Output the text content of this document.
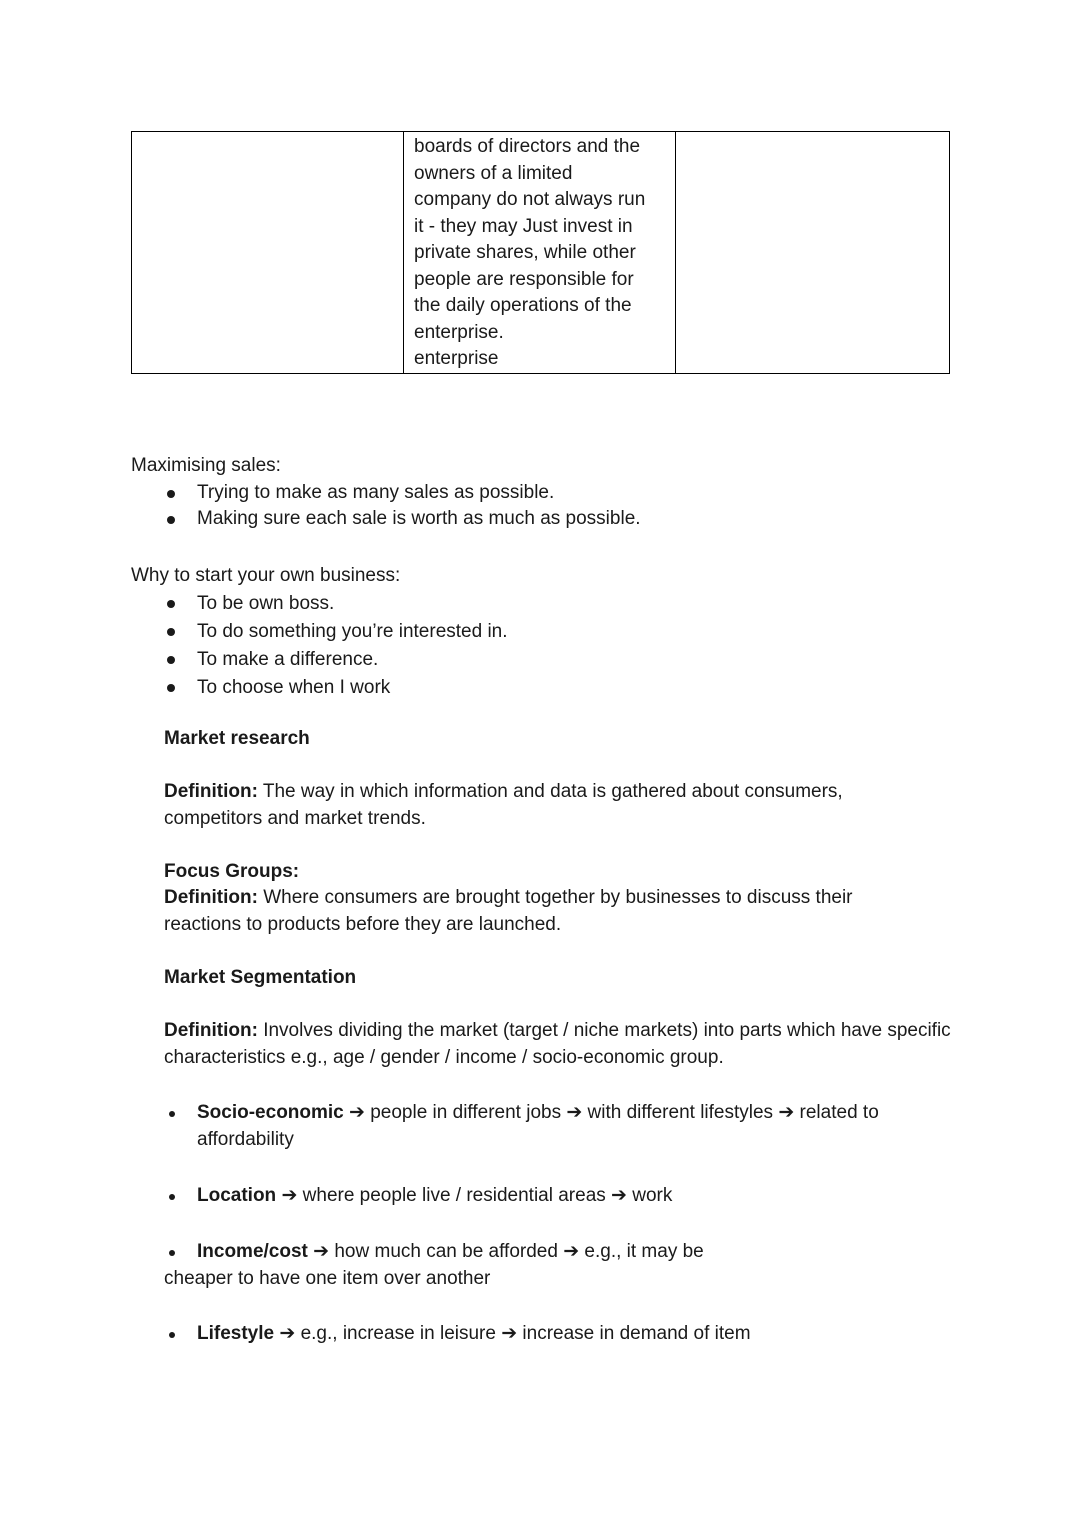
boards of directors and the
owners of a limited
company do not always run
it - they may Just invest in
private shares, while other
people are responsible for
the daily operations of the
enterprise.
enterprise

Maximising sales:
Trying to make as many sales as possible.
Making sure each sale is worth as much as possible.
Why to start your own business:
To be own boss.
To do something you’re interested in.
To make a difference.
To choose when I work
Market research
Definition: The way in which information and data is gathered about consumers, competitors and market trends.
Focus Groups:
Definition: Where consumers are brought together by businesses to discuss their reactions to products before they are launched.
Market Segmentation
Definition: Involves dividing the market (target / niche markets) into parts which have specific characteristics e.g., age / gender / income / socio-economic group.
Socio-economic ➔ people in different jobs ➔ with different lifestyles ➔ related to affordability
Location ➔ where people live / residential areas ➔ work
Income/cost ➔ how much can be afforded ➔ e.g., it may be
cheaper to have one item over another
Lifestyle ➔ e.g., increase in leisure ➔ increase in demand of item
